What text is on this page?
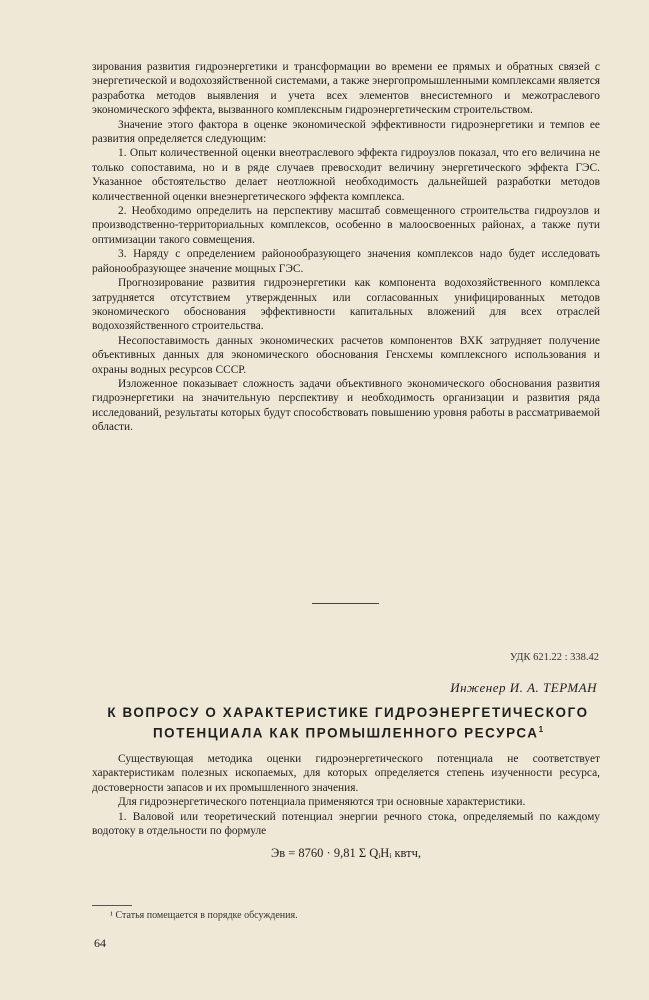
зирования развития гидроэнергетики и трансформации во времени ее прямых и обратных связей с энергетической и водохозяйственной системами, а также энергопромышленными комплексами является разработка методов выявления и учета всех элементов внесистемного и межотраслевого экономического эффекта, вызванного комплексным гидроэнергетическим строительством.

Значение этого фактора в оценке экономической эффективности гидроэнергетики и темпов ее развития определяется следующим:

1. Опыт количественной оценки внеотраслевого эффекта гидроузлов показал, что его величина не только сопоставима, но и в ряде случаев превосходит величину энергетического эффекта ГЭС. Указанное обстоятельство делает неотложной необходимость дальнейшей разработки методов количественной оценки внеэнергетического эффекта комплекса.

2. Необходимо определить на перспективу масштаб совмещенного строительства гидроузлов и производственно-территориальных комплексов, особенно в малоосвоенных районах, а также пути оптимизации такого совмещения.

3. Наряду с определением районообразующего значения комплексов надо будет исследовать районообразующее значение мощных ГЭС.

Прогнозирование развития гидроэнергетики как компонента водохозяйственного комплекса затрудняется отсутствием утвержденных или согласованных унифицированных методов экономического обоснования эффективности капитальных вложений для всех отраслей водохозяйственного строительства.

Несопоставимость данных экономических расчетов компонентов ВХК затрудняет получение объективных данных для экономического обоснования Генсхемы комплексного использования и охраны водных ресурсов СССР.

Изложенное показывает сложность задачи объективного экономического обоснования развития гидроэнергетики на значительную перспективу и необходимость организации и развития ряда исследований, результаты которых будут способствовать повышению уровня работы в рассматриваемой области.

УДК 621.22 : 338.42
Инженер И. А. ТЕРМАН
К ВОПРОСУ О ХАРАКТЕРИСТИКЕ ГИДРОЭНЕРГЕТИЧЕСКОГО ПОТЕНЦИАЛА КАК ПРОМЫШЛЕННОГО РЕСУРСА$^1$

Существующая методика оценки гидроэнергетического потенциала не соответствует характеристикам полезных ископаемых, для которых определяется степень изученности ресурса, достоверности запасов и их промышленного значения.

Для гидроэнергетического потенциала применяются три основные характеристики.

1. Валовой или теоретический потенциал энергии речного стока, определяемый по каждому водотоку в отдельности по формуле

Эв = 8760 · 9,81 Σ QᵢHᵢ квтч,

¹ Статья помещается в порядке обсуждения.
64
